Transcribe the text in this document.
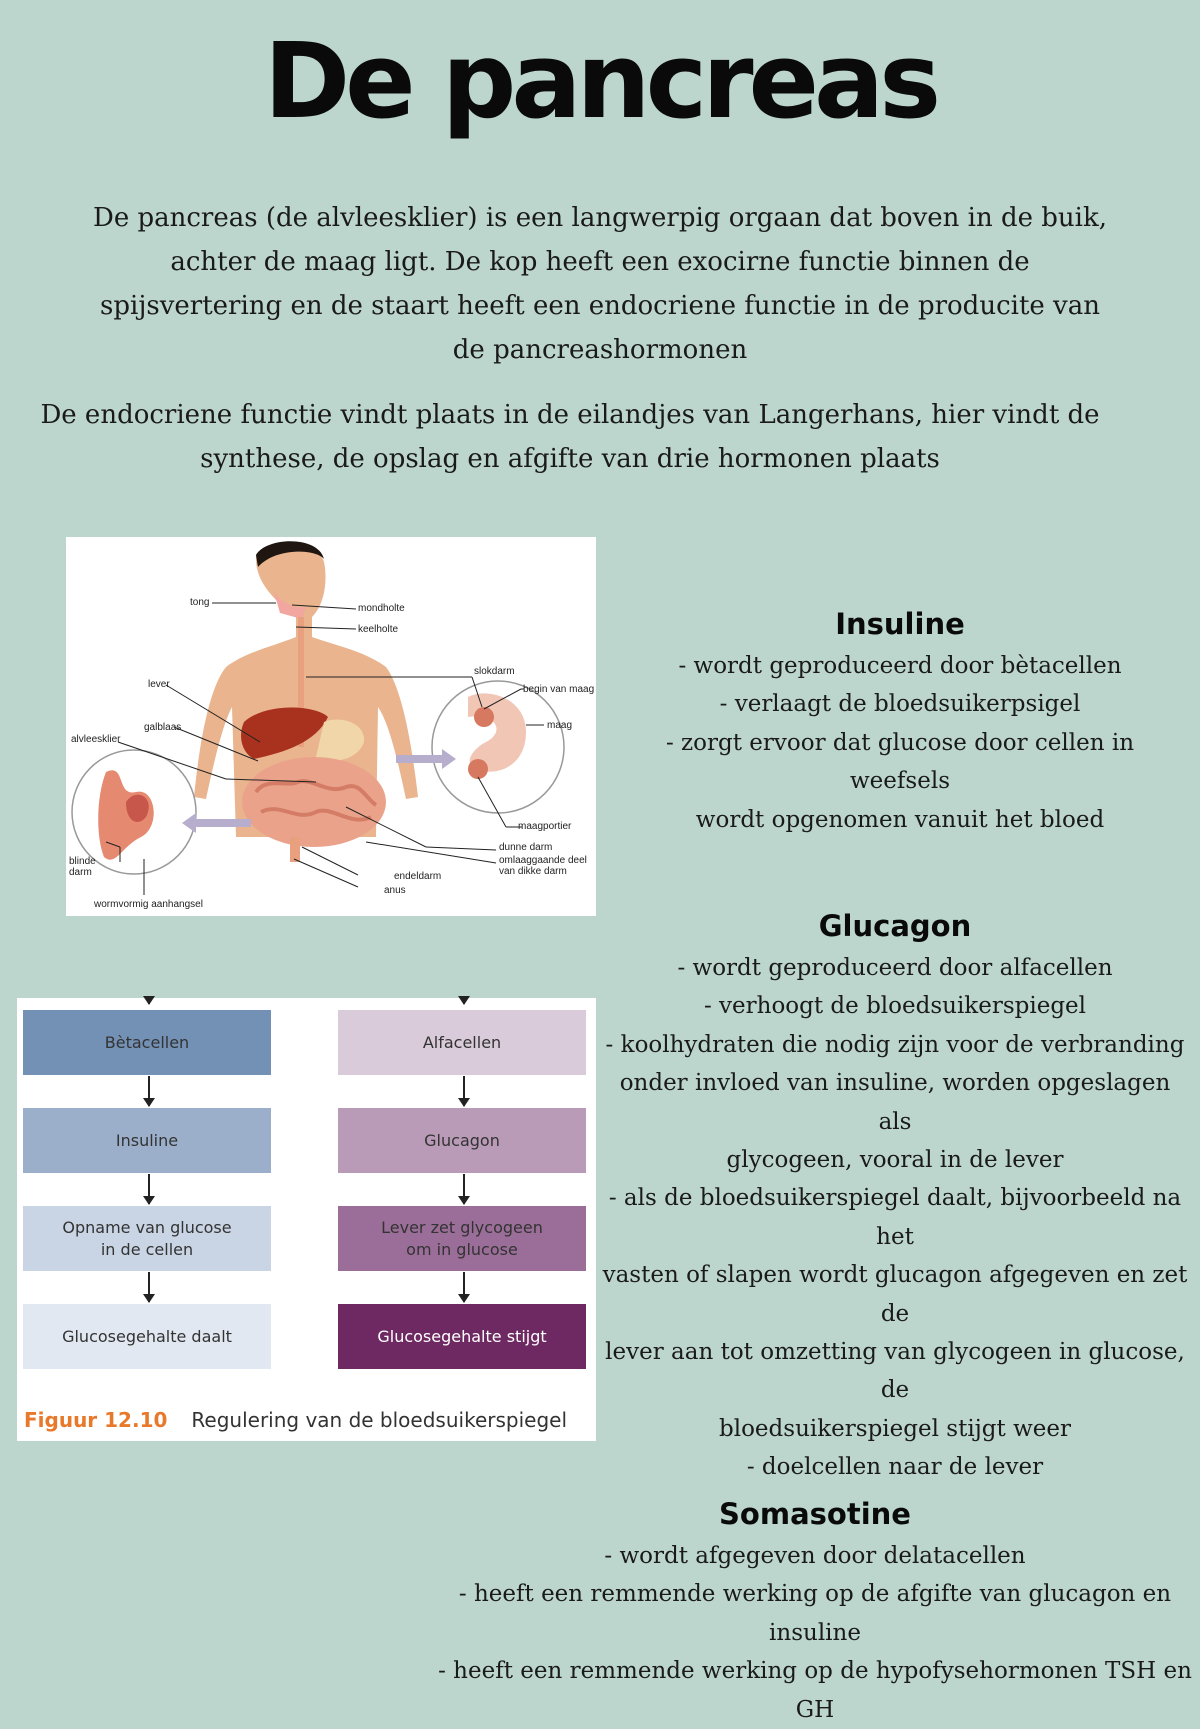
De pancreas

De pancreas (de alvleesklier) is een langwerpig orgaan dat boven in de buik, achter de maag ligt. De kop heeft een exocirne functie binnen de spijsvertering en de staart heeft een endocriene functie in de producite van de pancreashormonen

De endocriene functie vindt plaats in de eilandjes van Langerhans, hier vindt de synthese, de opslag en afgifte van drie hormonen plaats

tong
mondholte
keelholte
slokdarm
begin van maag
maag
lever
galblaas
alvleesklier
maagportier
dunne darm
omlaaggaande deel
van dikke darm
blinde
darm	endeldarm
anus
wormvormig aanhangsel
Bètacellen
Insuline
Opname van glucose
in de cellen
Glucosegehalte daalt
Alfacellen
Glucagon
Lever zet glycogeen
om in glucose
Glucosegehalte stijgt
Figuur 12.10 Regulering van de bloedsuikerspiegel
Insuline
- wordt geproduceerd door bètacellen
- verlaagt de bloedsuikerpsigel
- zorgt ervoor dat glucose door cellen in weefsels
wordt opgenomen vanuit het bloed
Glucagon
- wordt geproduceerd door alfacellen
- verhoogt de bloedsuikerspiegel
- koolhydraten die nodig zijn voor de verbranding
onder invloed van insuline, worden opgeslagen als
glycogeen, vooral in de lever
- als de bloedsuikerspiegel daalt, bijvoorbeeld na het
vasten of slapen wordt glucagon afgegeven en zet de
lever aan tot omzetting van glycogeen in glucose, de
bloedsuikerspiegel stijgt weer
- doelcellen naar de lever
Somasotine
- wordt afgegeven door delatacellen
- heeft een remmende werking op de afgifte van glucagon en insuline
- heeft een remmende werking op de hypofysehormonen TSH en GH
